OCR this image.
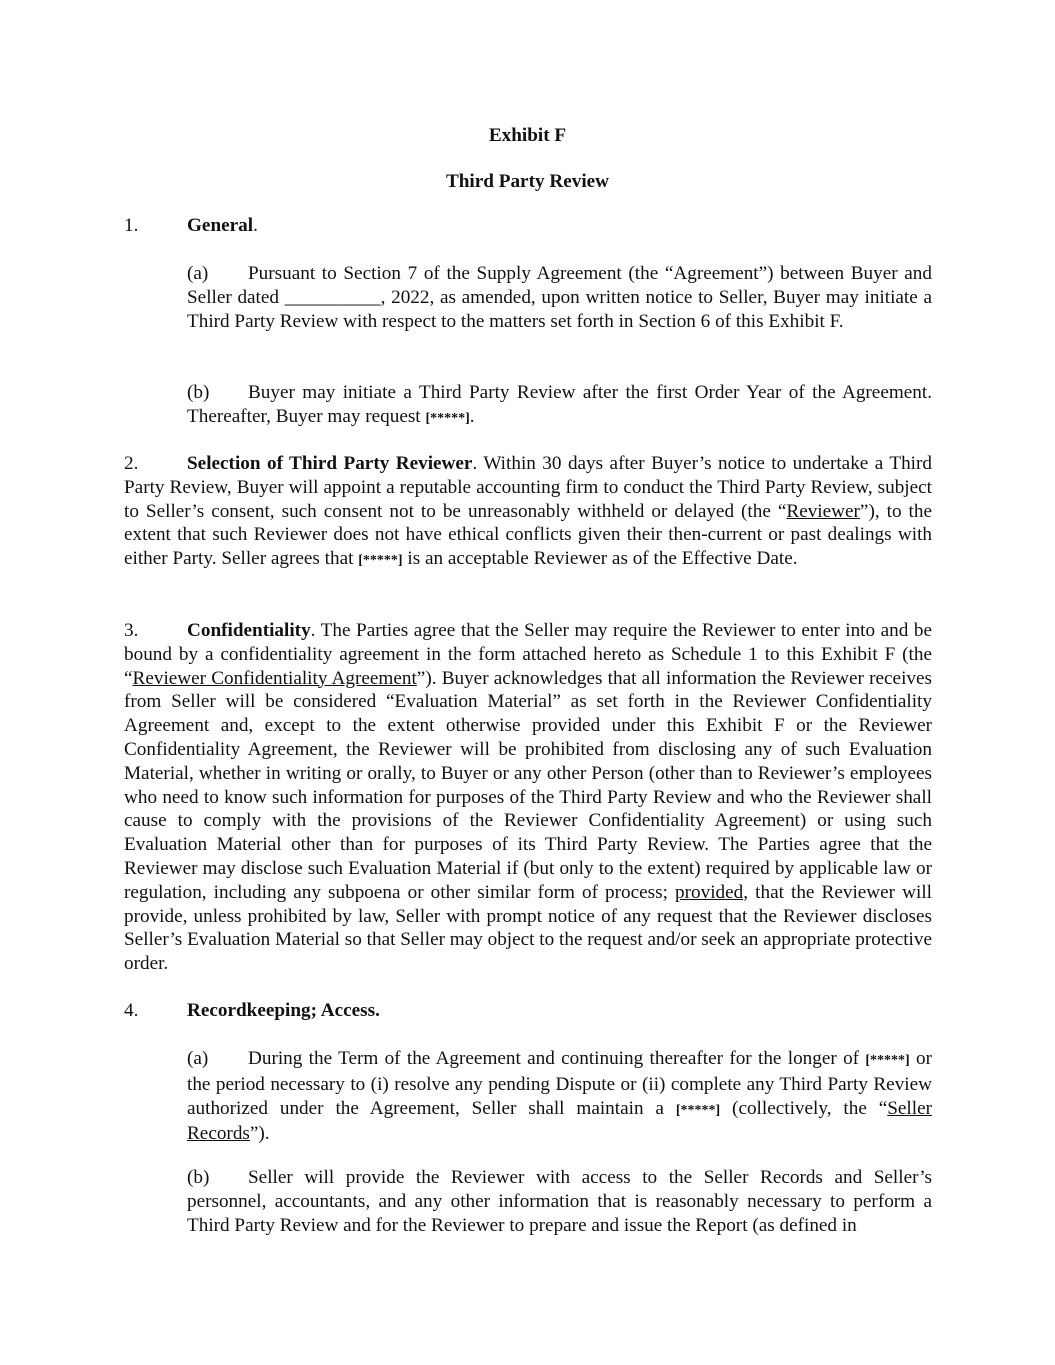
Exhibit F

Third Party Review

1.	General.

(a) Pursuant to Section 7 of the Supply Agreement (the “Agreement”) between Buyer and Seller dated __________, 2022, as amended, upon written notice to Seller, Buyer may initiate a Third Party Review with respect to the matters set forth in Section 6 of this Exhibit F.

(b) Buyer may initiate a Third Party Review after the first Order Year of the Agreement. Thereafter, Buyer may request [*****].

2.	Selection of Third Party Reviewer. Within 30 days after Buyer’s notice to undertake a Third Party Review, Buyer will appoint a reputable accounting firm to conduct the Third Party Review, subject to Seller’s consent, such consent not to be unreasonably withheld or delayed (the “Reviewer”), to the extent that such Reviewer does not have ethical conflicts given their then-current or past dealings with either Party. Seller agrees that [*****] is an acceptable Reviewer as of the Effective Date.

3.	Confidentiality. The Parties agree that the Seller may require the Reviewer to enter into and be bound by a confidentiality agreement in the form attached hereto as Schedule 1 to this Exhibit F (the “Reviewer Confidentiality Agreement”). Buyer acknowledges that all information the Reviewer receives from Seller will be considered “Evaluation Material” as set forth in the Reviewer Confidentiality Agreement and, except to the extent otherwise provided under this Exhibit F or the Reviewer Confidentiality Agreement, the Reviewer will be prohibited from disclosing any of such Evaluation Material, whether in writing or orally, to Buyer or any other Person (other than to Reviewer’s employees who need to know such information for purposes of the Third Party Review and who the Reviewer shall cause to comply with the provisions of the Reviewer Confidentiality Agreement) or using such Evaluation Material other than for purposes of its Third Party Review. The Parties agree that the Reviewer may disclose such Evaluation Material if (but only to the extent) required by applicable law or regulation, including any subpoena or other similar form of process; provided, that the Reviewer will provide, unless prohibited by law, Seller with prompt notice of any request that the Reviewer discloses Seller’s Evaluation Material so that Seller may object to the request and/or seek an appropriate protective order.

4.	Recordkeeping; Access.

(a) During the Term of the Agreement and continuing thereafter for the longer of [*****] or the period necessary to (i) resolve any pending Dispute or (ii) complete any Third Party Review authorized under the Agreement, Seller shall maintain a [*****] (collectively, the “Seller Records”).

(b) Seller will provide the Reviewer with access to the Seller Records and Seller’s personnel, accountants, and any other information that is reasonably necessary to perform a Third Party Review and for the Reviewer to prepare and issue the Report (as defined in
